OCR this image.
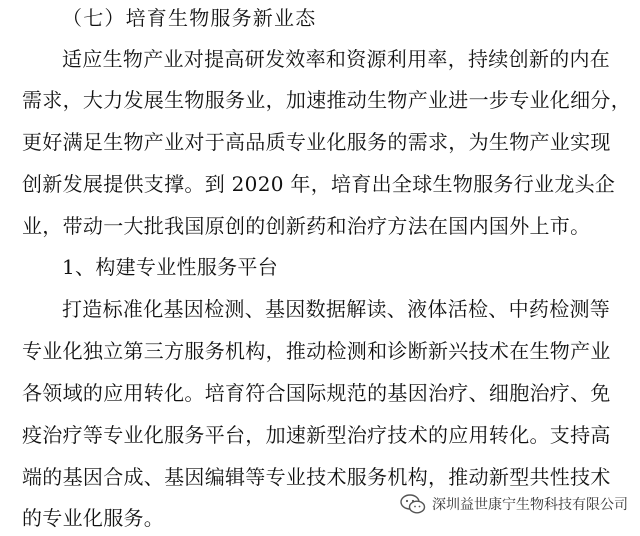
（七）培育生物服务新业态
适应生物产业对提高研发效率和资源利用率，持续创新的内在
需求，大力发展生物服务业，加速推动生物产业进一步专业化细分，
更好满足生物产业对于高品质专业化服务的需求，为生物产业实现
创新发展提供支撑。到 2020 年，培育出全球生物服务行业龙头企
业，带动一大批我国原创的创新药和治疗方法在国内国外上市。
1、构建专业性服务平台
打造标准化基因检测、基因数据解读、液体活检、中药检测等
专业化独立第三方服务机构，推动检测和诊断新兴技术在生物产业
各领域的应用转化。培育符合国际规范的基因治疗、细胞治疗、免
疫治疗等专业化服务平台，加速新型治疗技术的应用转化。支持高
端的基因合成、基因编辑等专业技术服务机构，推动新型共性技术
的专业化服务。
深圳益世康宁生物科技有限公司
